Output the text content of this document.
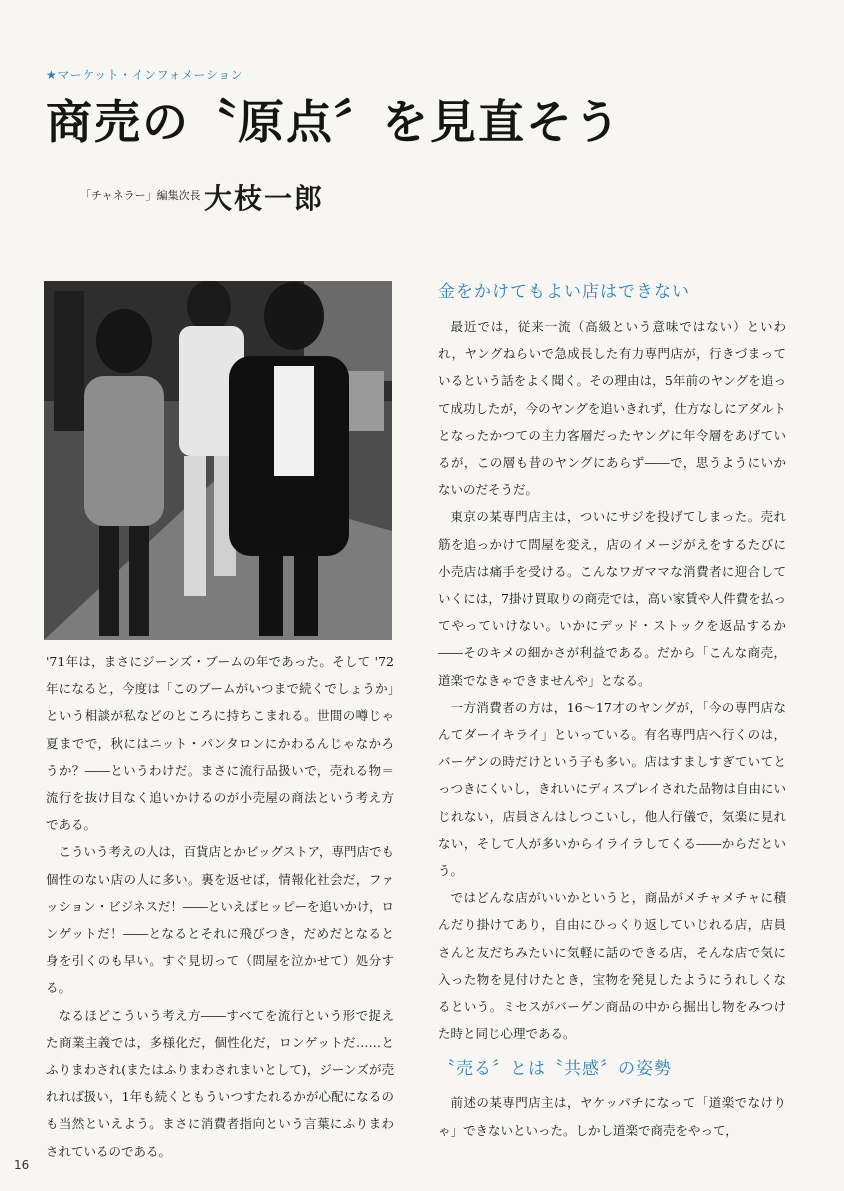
★マーケット・インフォメーション
商売の〝原点〞を見直そう
「チャネラー」編集次長 大枝一郎

'71年は，まさにジーンズ・ブームの年であった。そして '72年になると，今度は「このブームがいつまで続くでしょうか」という相談が私などのところに持ちこまれる。世間の噂じゃ夏までで，秋にはニット・パンタロンにかわるんじゃなかろうか？――というわけだ。まさに流行品扱いで，売れる物＝流行を抜け目なく追いかけるのが小売屋の商法という考え方である。

こういう考えの人は，百貨店とかビッグストア，専門店でも個性のない店の人に多い。裏を返せば，情報化社会だ，ファッション・ビジネスだ！――といえばヒッピーを追いかけ，ロンゲットだ！――となるとそれに飛びつき，だめだとなると身を引くのも早い。すぐ見切って（問屋を泣かせて）処分する。

なるほどこういう考え方――すべてを流行という形で捉えた商業主義では，多様化だ，個性化だ，ロンゲットだ……とふりまわされ(またはふりまわされまいとして)，ジーンズが売れれば扱い，1年も続くともういつすたれるかが心配になるのも当然といえよう。まさに消費者指向という言葉にふりまわされているのである。

金をかけてもよい店はできない

最近では，従来一流（高級という意味ではない）といわれ，ヤングねらいで急成長した有力専門店が，行きづまっているという話をよく聞く。その理由は，5年前のヤングを追って成功したが，今のヤングを追いきれず，仕方なしにアダルトとなったかつての主力客層だったヤングに年令層をあげているが，この層も昔のヤングにあらず――で，思うようにいかないのだそうだ。

東京の某専門店主は，ついにサジを投げてしまった。売れ筋を追っかけて問屋を変え，店のイメージがえをするたびに小売店は痛手を受ける。こんなワガママな消費者に迎合していくには，7掛け買取りの商売では，高い家賃や人件費を払ってやっていけない。いかにデッド・ストックを返品するか――そのキメの細かさが利益である。だから「こんな商売，道楽でなきゃできませんや」となる。

一方消費者の方は，16～17才のヤングが，「今の専門店なんてダーイキライ」といっている。有名専門店へ行くのは，バーゲンの時だけという子も多い。店はすましすぎていてとっつきにくいし，きれいにディスプレイされた品物は自由にいじれない，店員さんはしつこいし，他人行儀で，気楽に見れない，そして人が多いからイライラしてくる――からだという。

ではどんな店がいいかというと，商品がメチャメチャに積んだり掛けてあり，自由にひっくり返していじれる店，店員さんと友だちみたいに気軽に話のできる店，そんな店で気に入った物を見付けたとき，宝物を発見したようにうれしくなるという。ミセスがバーゲン商品の中から掘出し物をみつけた時と同じ心理である。

〝売る〞とは〝共感〞の姿勢

前述の某専門店主は，ヤケッパチになって「道楽でなけりゃ」できないといった。しかし道楽で商売をやって，

16
